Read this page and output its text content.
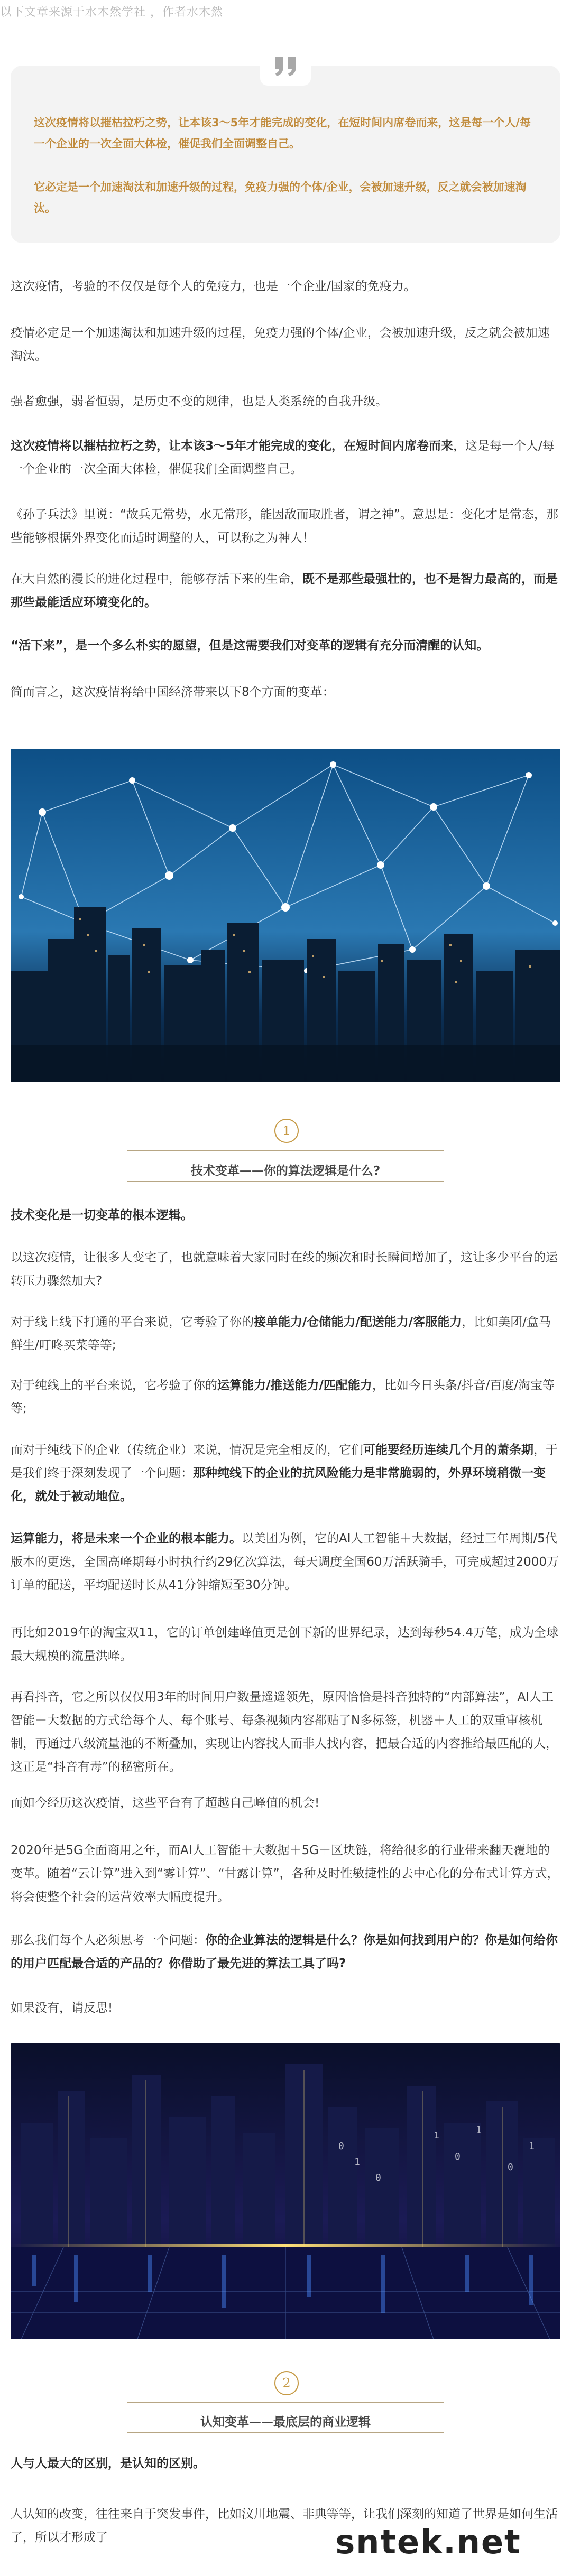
以下文章来源于水木然学社 ，作者水木然
这次疫情将以摧枯拉朽之势，让本该3～5年才能完成的变化，在短时间内席卷而来，这是每一个人/每一个企业的一次全面大体检，催促我们全面调整自己。
它必定是一个加速淘汰和加速升级的过程，免疫力强的个体/企业，会被加速升级，反之就会被加速淘汰。

这次疫情，考验的不仅仅是每个人的免疫力，也是一个企业/国家的免疫力。

疫情必定是一个加速淘汰和加速升级的过程，免疫力强的个体/企业，会被加速升级，反之就会被加速淘汰。

强者愈强，弱者恒弱，是历史不变的规律，也是人类系统的自我升级。

这次疫情将以摧枯拉朽之势，让本该3～5年才能完成的变化，在短时间内席卷而来，这是每一个人/每一个企业的一次全面大体检，催促我们全面调整自己。

《孙子兵法》里说：“故兵无常势，水无常形，能因敌而取胜者，谓之神”。意思是：变化才是常态，那些能够根据外界变化而适时调整的人，可以称之为神人！

在大自然的漫长的进化过程中，能够存活下来的生命，既不是那些最强壮的，也不是智力最高的，而是那些最能适应环境变化的。

“活下来”，是一个多么朴实的愿望，但是这需要我们对变革的逻辑有充分而清醒的认知。

简而言之，这次疫情将给中国经济带来以下8个方面的变革：

1
技术变革——你的算法逻辑是什么?

技术变化是一切变革的根本逻辑。

以这次疫情，让很多人变宅了，也就意味着大家同时在线的频次和时长瞬间增加了，这让多少平台的运转压力骤然加大?

对于线上线下打通的平台来说，它考验了你的接单能力/仓储能力/配送能力/客服能力，比如美团/盒马鲜生/叮咚买菜等等;

对于纯线上的平台来说，它考验了你的运算能力/推送能力/匹配能力，比如今日头条/抖音/百度/淘宝等等;

而对于纯线下的企业（传统企业）来说，情况是完全相反的，它们可能要经历连续几个月的萧条期，于是我们终于深刻发现了一个问题：那种纯线下的企业的抗风险能力是非常脆弱的，外界环境稍微一变化，就处于被动地位。

运算能力，将是未来一个企业的根本能力。以美团为例，它的AI人工智能＋大数据，经过三年周期/5代版本的更迭，全国高峰期每小时执行约29亿次算法，每天调度全国60万活跃骑手，可完成超过2000万订单的配送，平均配送时长从41分钟缩短至30分钟。

再比如2019年的淘宝双11，它的订单创建峰值更是创下新的世界纪录，达到每秒54.4万笔，成为全球最大规模的流量洪峰。

再看抖音，它之所以仅仅用3年的时间用户数量遥遥领先，原因恰恰是抖音独特的“内部算法”，AI人工智能＋大数据的方式给每个人、每个账号、每条视频内容都贴了N多标签，机器＋人工的双重审核机制，再通过八级流量池的不断叠加，实现让内容找人而非人找内容，把最合适的内容推给最匹配的人，这正是“抖音有毒”的秘密所在。

而如今经历这次疫情，这些平台有了超越自己峰值的机会!

2020年是5G全面商用之年，而AI人工智能＋大数据＋5G＋区块链，将给很多的行业带来翻天覆地的变革。随着“云计算”进入到“雾计算”、“甘露计算”，各种及时性敏捷性的去中心化的分布式计算方式，将会使整个社会的运营效率大幅度提升。

那么我们每个人必须思考一个问题：你的企业算法的逻辑是什么？你是如何找到用户的？你是如何给你的用户匹配最合适的产品的？你借助了最先进的算法工具了吗?

如果没有，请反思!

0
1
0
1
0
1
0
1
2
认知变革——最底层的商业逻辑

人与人最大的区别，是认知的区别。

人认知的改变，往往来自于突发事件，比如汶川地震、非典等等，让我们深刻的知道了世界是如何生活了，所以才形成了	sntek.net
